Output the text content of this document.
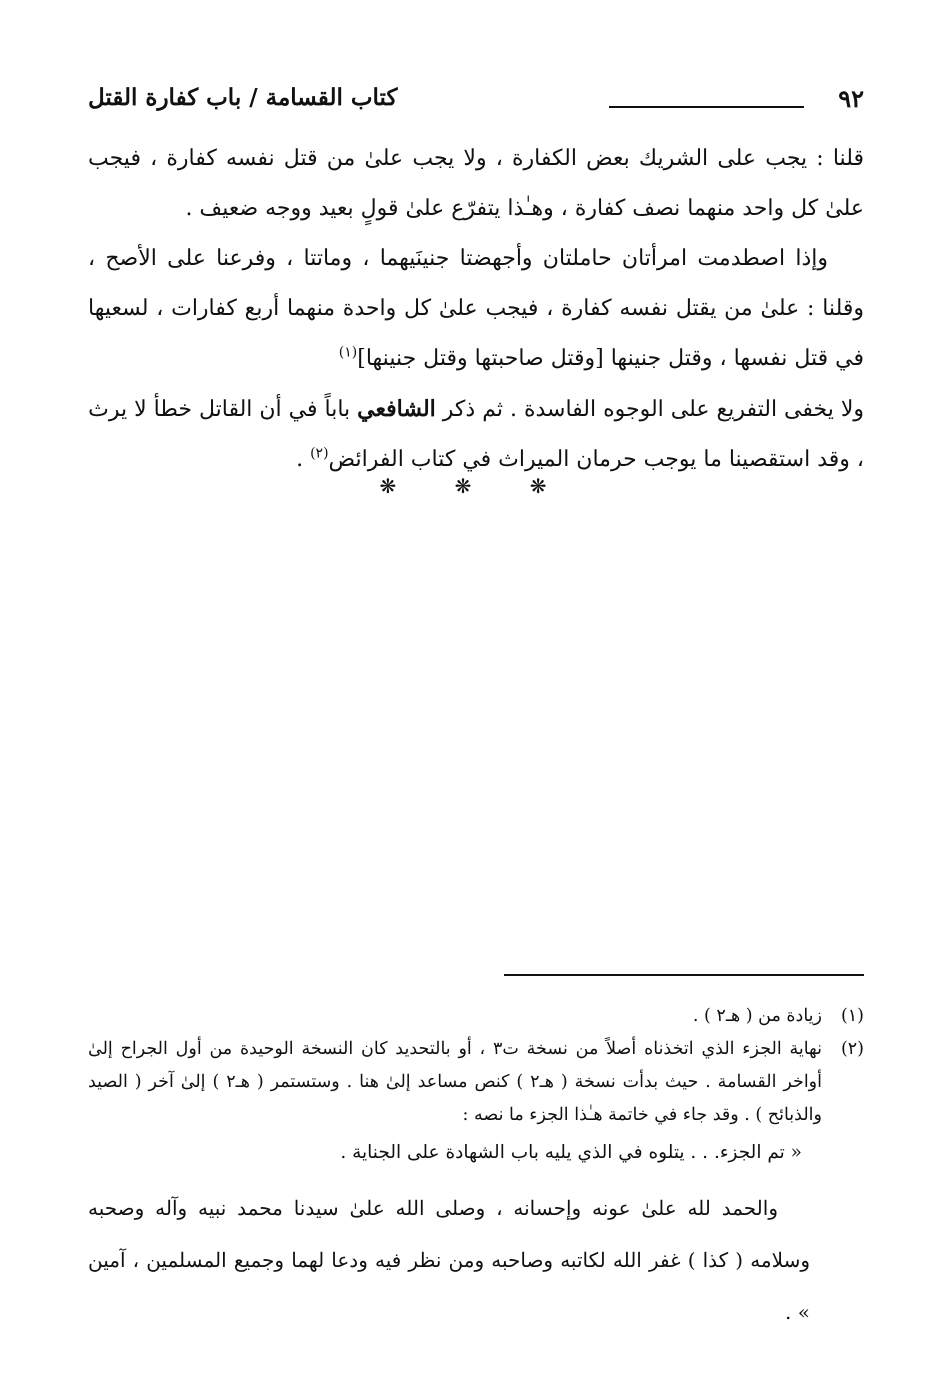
٩٢
كتاب القسامة / باب كفارة القتل

قلنا : يجب على الشريك بعض الكفارة ، ولا يجب علىٰ من قتل نفسه كفارة ، فيجب علىٰ كل واحد منهما نصف كفارة ، وهـٰذا يتفرّع علىٰ قولٍ بعيد ووجه ضعيف .

وإذا اصطدمت امرأتان حاملتان وأجهضتا جنينَيهما ، وماتتا ، وفرعنا على الأصح ، وقلنا : علىٰ من يقتل نفسه كفارة ، فيجب علىٰ كل واحدة منهما أربع كفارات ، لسعيها في قتل نفسها ، وقتل جنينها [وقتل صاحبتها وقتل جنينها]$^{(١)}$

ولا يخفى التفريع على الوجوه الفاسدة . ثم ذكر الشافعي باباً في أن القاتل خطأ لا يرث ، وقد استقصينا ما يوجب حرمان الميراث في كتاب الفرائض$^{(٢)}$ .

❋ ❋ ❋
(١)

زيادة من ( هـ٢ ) .

(٢)

نهاية الجزء الذي اتخذناه أصلاً من نسخة ت٣ ، أو بالتحديد كان النسخة الوحيدة من أول الجراح إلىٰ أواخر القسامة . حيث بدأت نسخة ( هـ٢ ) كنص مساعد إلىٰ هنا . وستستمر ( هـ٢ ) إلىٰ آخر ( الصيد والذبائح ) . وقد جاء في خاتمة هـٰذا الجزء ما نصه :

« تم الجزء. . . يتلوه في الذي يليه باب الشهادة على الجناية .

والحمد لله علىٰ عونه وإحسانه ، وصلى الله علىٰ سيدنا محمد نبيه وآله وصحبه وسلامه ( كذا ) غفر الله لكاتبه وصاحبه ومن نظر فيه ودعا لهما وجميع المسلمين ، آمين » .
